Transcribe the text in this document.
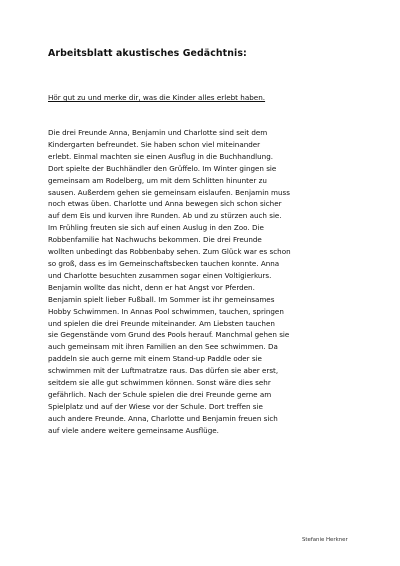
Arbeitsblatt akustisches Gedächtnis:
Hör gut zu und merke dir, was die Kinder alles erlebt haben.
Die drei Freunde Anna, Benjamin und Charlotte sind seit dem
Kindergarten befreundet. Sie haben schon viel miteinander
erlebt. Einmal machten sie einen Ausflug in die Buchhandlung.
Dort spielte der Buchhändler den Grüffelo. Im Winter gingen sie
gemeinsam am Rodelberg, um mit dem Schlitten hinunter zu
sausen. Außerdem gehen sie gemeinsam eislaufen. Benjamin muss
noch etwas üben. Charlotte und Anna bewegen sich schon sicher
auf dem Eis und kurven ihre Runden. Ab und zu stürzen auch sie.
Im Frühling freuten sie sich auf einen Auslug in den Zoo. Die
Robbenfamilie hat Nachwuchs bekommen. Die drei Freunde
wollten unbedingt das Robbenbaby sehen. Zum Glück war es schon
so groß, dass es im Gemeinschaftsbecken tauchen konnte. Anna
und Charlotte besuchten zusammen sogar einen Voltigierkurs.
Benjamin wollte das nicht, denn er hat Angst vor Pferden.
Benjamin spielt lieber Fußball. Im Sommer ist ihr gemeinsames
Hobby Schwimmen. In Annas Pool schwimmen, tauchen, springen
und spielen die drei Freunde miteinander. Am Liebsten tauchen
sie Gegenstände vom Grund des Pools herauf. Manchmal gehen sie
auch gemeinsam mit ihren Familien an den See schwimmen. Da
paddeln sie auch gerne mit einem Stand-up Paddle oder sie
schwimmen mit der Luftmatratze raus. Das dürfen sie aber erst,
seitdem sie alle gut schwimmen können. Sonst wäre dies sehr
gefährlich. Nach der Schule spielen die drei Freunde gerne am
Spielplatz und auf der Wiese vor der Schule. Dort treffen sie
auch andere Freunde. Anna, Charlotte und Benjamin freuen sich
auf viele andere weitere gemeinsame Ausflüge.
Stefanie Herkner
